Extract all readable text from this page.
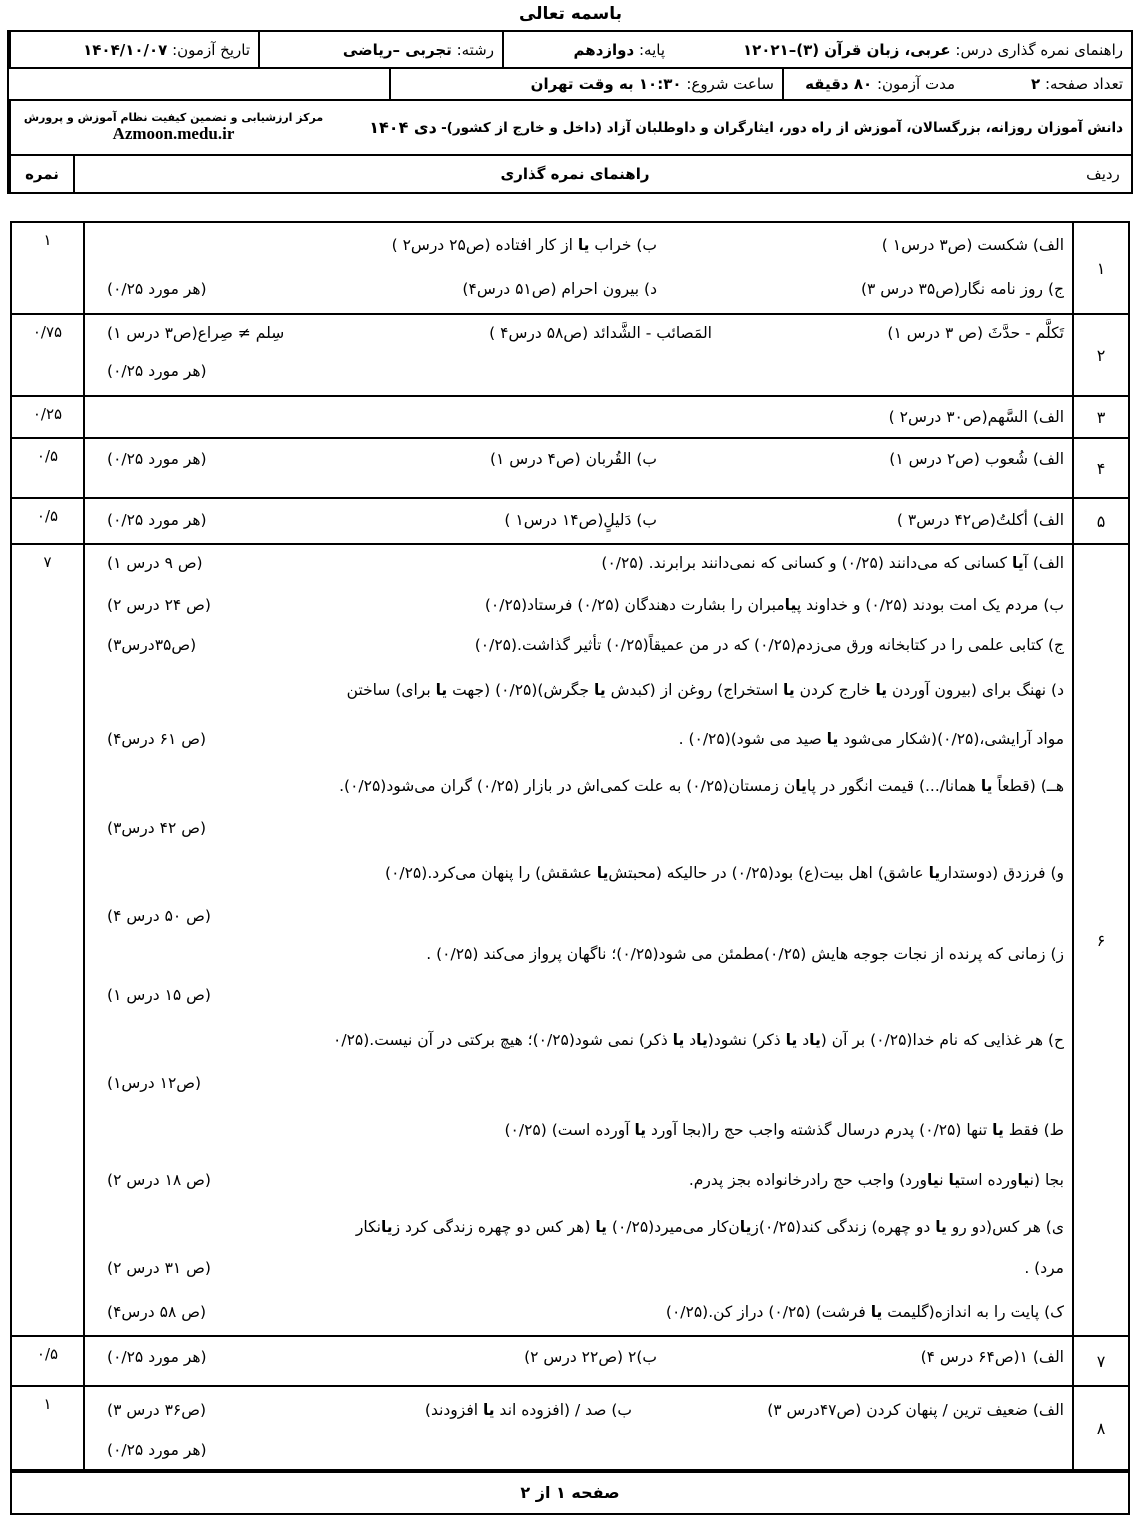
باسمه تعالی
راهنمای نمره گذاری درس:

عربی، زبان قرآن (۳)–۱۲۰۲۱
پایه:

دوازدهم
رشته:

تجربی –ریاضی
تاریخ آزمون:

۱۴۰۴/۱۰/۰۷
تعداد صفحه:

۲
مدت آزمون:

۸۰ دقیقه
ساعت شروع:

۱۰:۳۰ به وقت تهران
دانش آموزان روزانه، بزرگسالان، آموزش از راه دور، ایثارگران و داوطلبان آزاد (داخل و خارج از کشور)-

دی ۱۴۰۴
مرکز ارزشیابی و تضمین کیفیت نظام آموزش و پرورش
Azmoon.medu.ir
ردیف
راهنمای نمره گذاری
نمره
۱
۱	الف) شکست (ص۳ درس۱ )
ب) خراب یا از کار افتاده (ص۲۵ درس۲ )
ج) روز نامه نگار(ص۳۵ درس ۳)
د) بیرون احرام (ص۵۱ درس۴)
(هر مورد ۰/۲۵)
۲
۰/۷۵	تَکلَّم - حدَّثَ (ص ۳ درس ۱)
المَصائب - الشَّدائد (ص۵۸ درس۴ )
سِلم ≠ صِراع(ص۳ درس ۱)
(هر مورد ۰/۲۵)
۳
۰/۲۵	الف) السَّهم(ص۳۰ درس۲ )
۴
۰/۵	الف) شُعوب (ص۲ درس ۱)
ب) القُربان (ص۴ درس ۱)
(هر مورد ۰/۲۵)
۵
۰/۵	الف) أکلتُ(ص۴۲ درس۳ )
ب) دَلیلٍ(ص۱۴ درس۱ )
(هر مورد ۰/۲۵)
۶
۷	الف) آیا کسانی که می‌دانند (۰/۲۵) و کسانی که نمی‌دانند برابرند. (۰/۲۵)
(ص ۹ درس ۱)
ب) مردم یک امت بودند (۰/۲۵) و خداوند پیامبران را بشارت دهندگان (۰/۲۵) فرستاد(۰/۲۵)
(ص ۲۴ درس ۲)
ج) کتابی علمی را در کتابخانه ورق می‌زدم(۰/۲۵) که در من عمیقاً(۰/۲۵) تأثیر گذاشت.(۰/۲۵)
(ص۳۵درس۳)
د) نهنگ برای (بیرون آوردن یا خارج کردن یا استخراج) روغن از (کبدش یا جگرش)(۰/۲۵) (جهت یا برای) ساختن
مواد آرایشی،(۰/۲۵)(شکار می‌شود یا صید می شود)(۰/۲۵) .
(ص ۶۱ درس۴)
هــ) (قطعاً یا همانا/...) قیمت انگور در پایان زمستان(۰/۲۵) به علت کمی‌اش در بازار (۰/۲۵) گران می‌شود(۰/۲۵).
(ص ۴۲ درس۳)
و) فرزدق (دوستداریا عاشق) اهل بیت(ع) بود(۰/۲۵) در حالیکه (محبتش‌یا عشقش) را پنهان می‌کرد.(۰/۲۵)
(ص ۵۰ درس ۴)
ز) زمانی که پرنده از نجات جوجه هایش (۰/۲۵)مطمئن می شود(۰/۲۵)؛ ناگهان پرواز می‌کند (۰/۲۵) .
(ص ۱۵ درس ۱)
ح) هر غذایی که نام خدا(۰/۲۵) بر آن (یاد یا ذکر) نشود(یاد یا ذکر) نمی شود(۰/۲۵)؛ هیچ برکتی در آن نیست.(۰/۲۵
(ص۱۲ درس۱)
ط) فقط یا تنها (۰/۲۵) پدرم درسال گذشته واجب حج را(بجا آورد یا آورده است) (۰/۲۵)
بجا (نیاورده استیا نیاورد) واجب حج رادرخانواده بجز پدرم.
(ص ۱۸ درس ۲)
ی) هر کس(دو رو یا دو چهره) زندگی کند(۰/۲۵)زیان‌کار می‌میرد(۰/۲۵) یا (هر کس دو چهره زندگی کرد زیانکار
مرد) .
(ص ۳۱ درس ۲)
ک) پایت را به اندازه(گلیمت یا فرشت) (۰/۲۵) دراز کن.(۰/۲۵)
(ص ۵۸ درس۴)
۷
۰/۵	الف) ۱(ص۶۴ درس ۴)
ب)۲ (ص۲۲ درس ۲)
(هر مورد ۰/۲۵)
۸
۱	الف) ضعیف ترین / پنهان کردن (ص۴۷درس ۳)
ب) صد / (افزوده اند یا افزودند)
(ص۳۶ درس ۳)
(هر مورد ۰/۲۵)
صفحه ۱ از ۲
